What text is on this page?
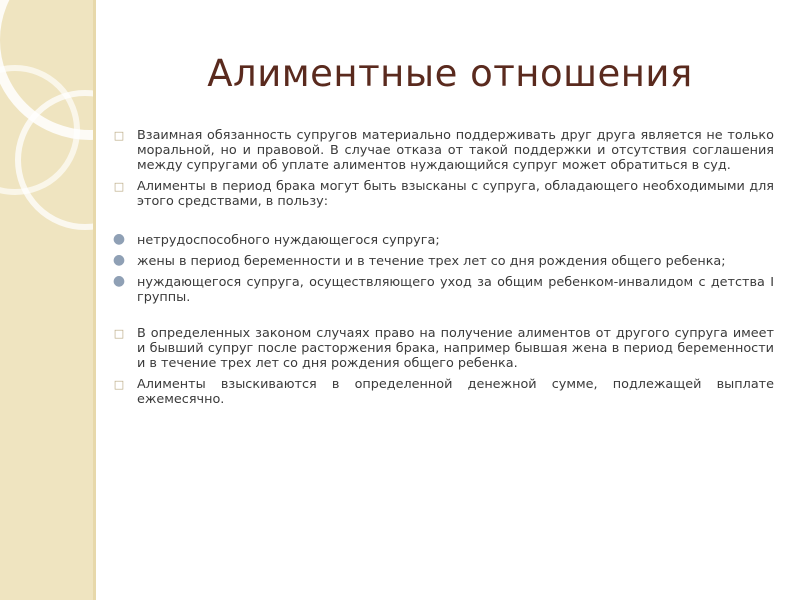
Алиментные отношения

□ Взаимная обязанность супругов материально поддерживать друг друга является не только моральной, но и правовой. В случае отказа от такой поддержки и отсутствия соглашения между супругами об уплате алиментов нуждающийся супруг может обратиться в суд.

□ Алименты в период брака могут быть взысканы с супруга, обладающего необходимыми для этого средствами, в пользу:

● нетрудоспособного нуждающегося супруга;

● жены в период беременности и в течение трех лет со дня рождения общего ребенка;

● нуждающегося супруга, осуществляющего уход за общим ребенком-инвалидом с детства I группы.

□ В определенных законом случаях право на получение алиментов от другого супруга имеет и бывший супруг после расторжения брака, например бывшая жена в период беременности и в течение трех лет со дня рождения общего ребенка.

□ Алименты взыскиваются в определенной денежной сумме, подлежащей выплате ежемесячно.
